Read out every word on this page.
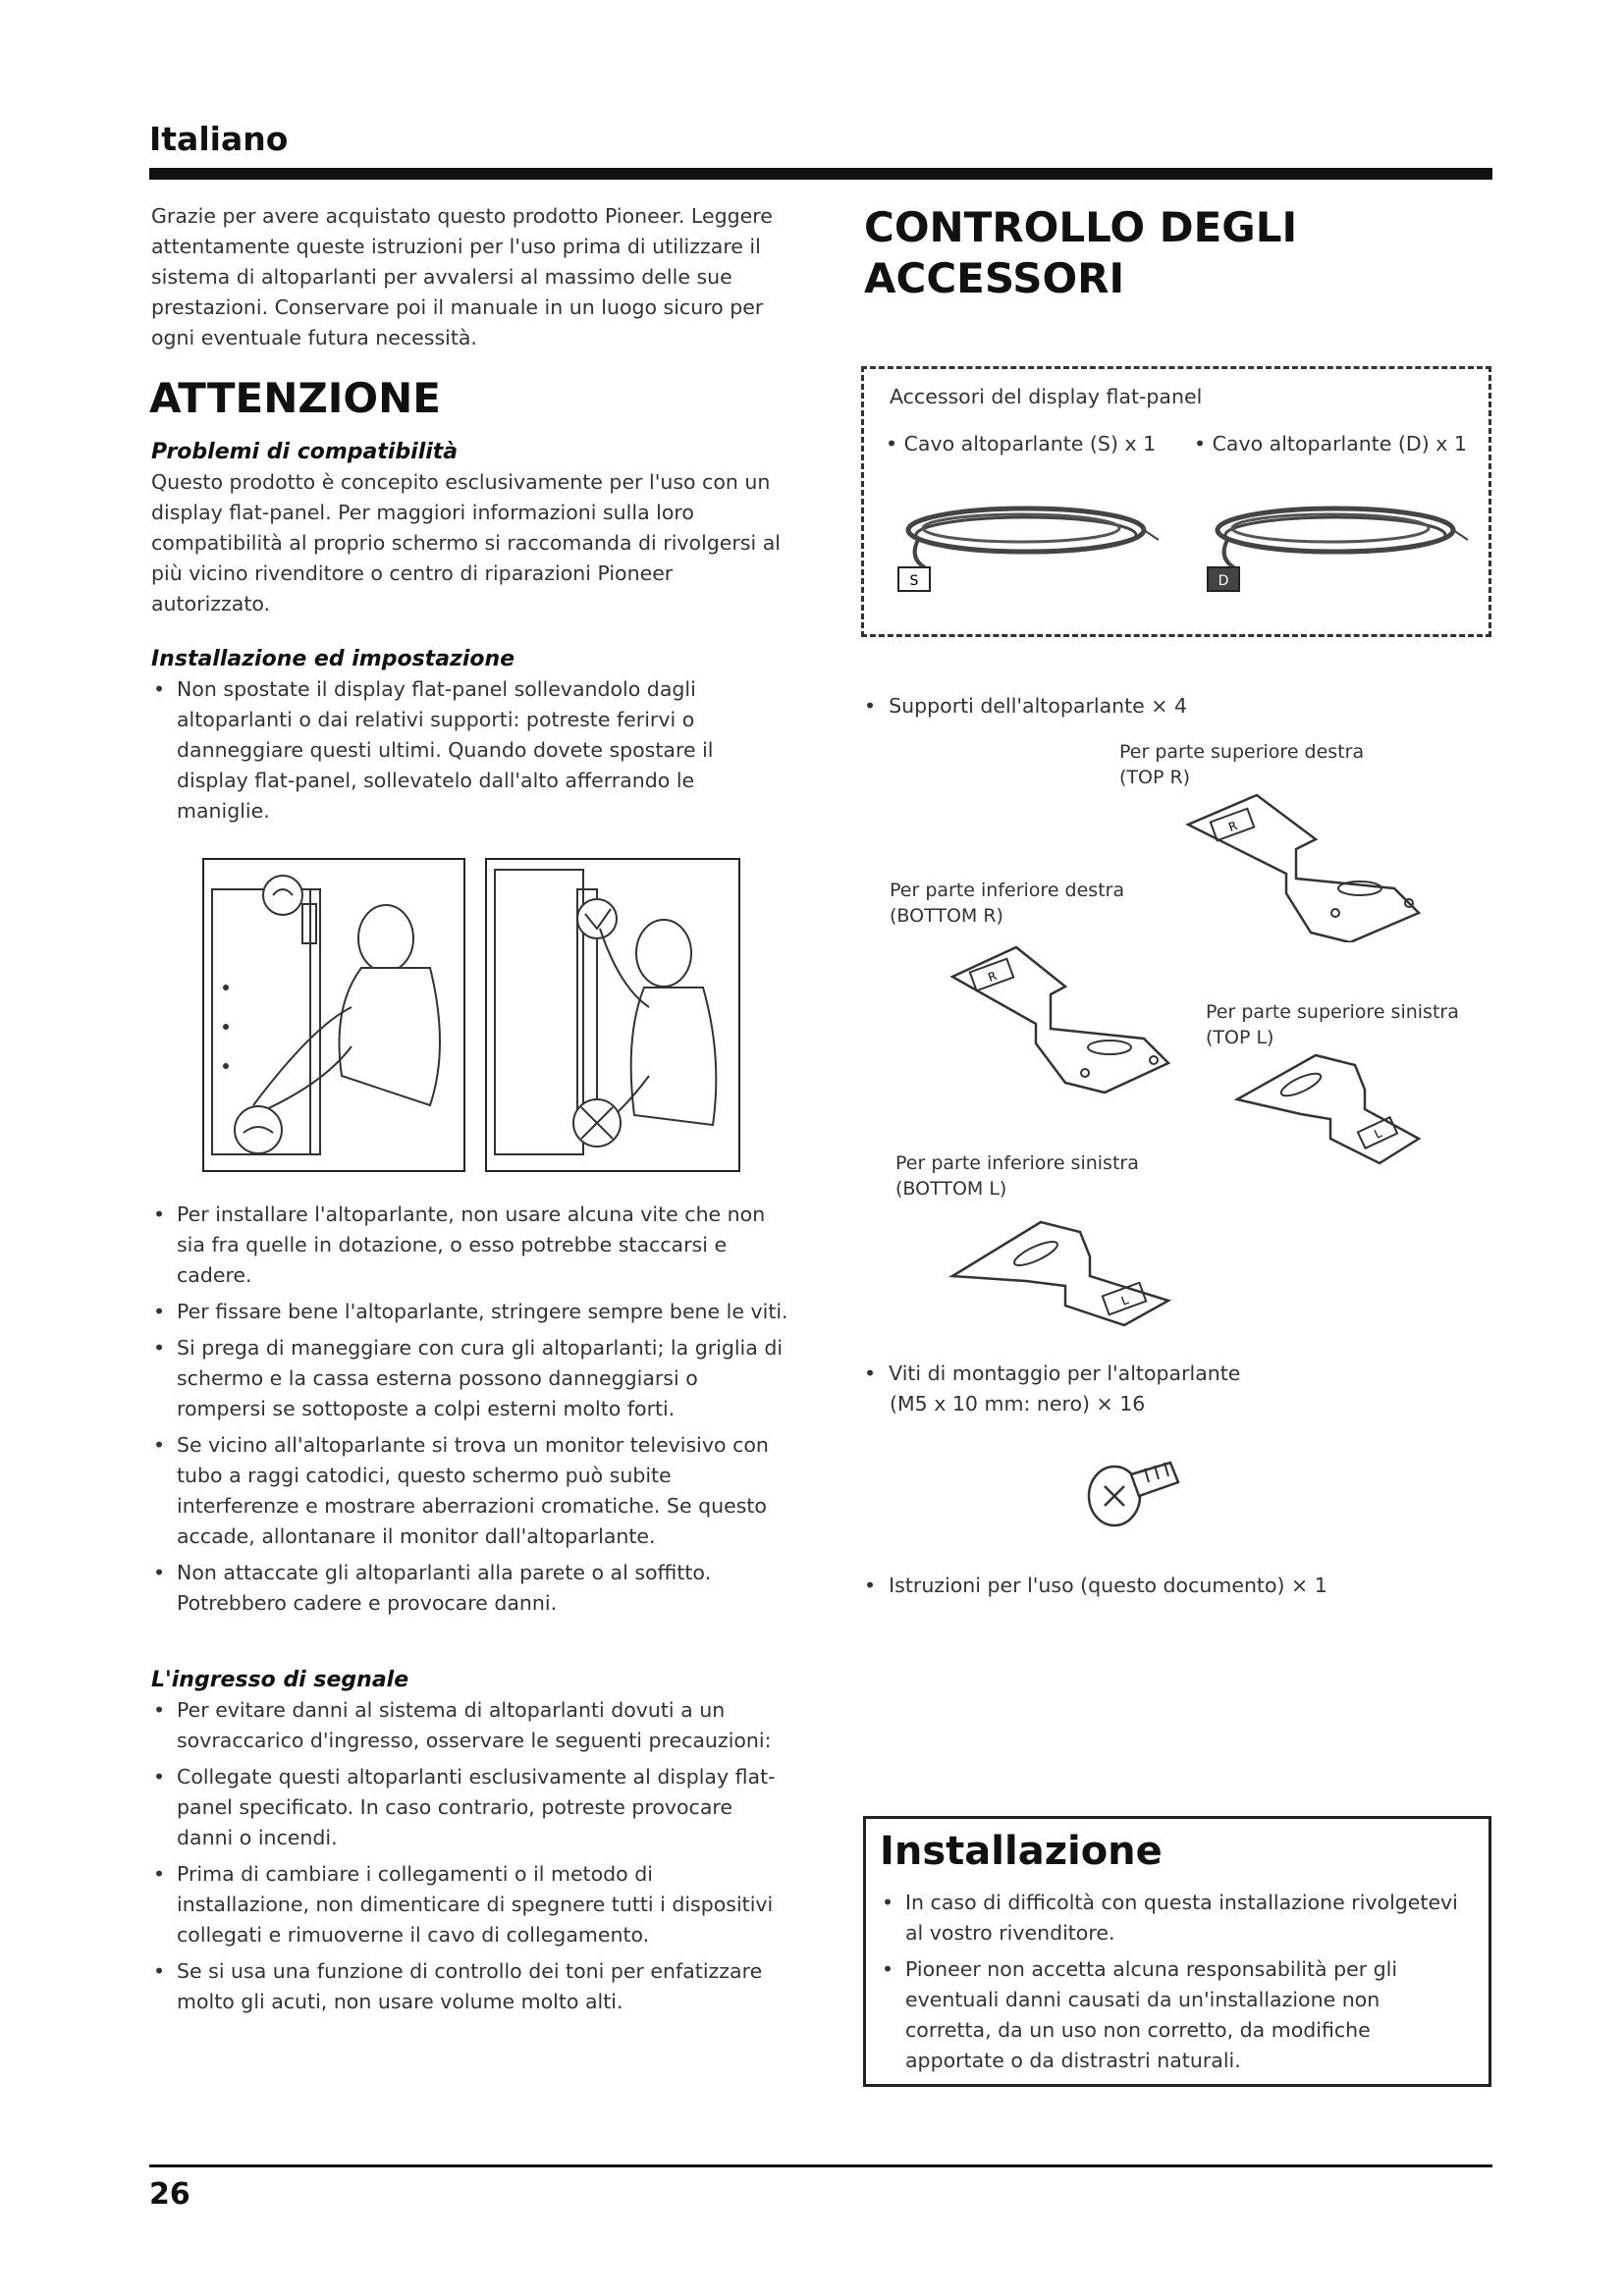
Italiano
Grazie per avere acquistato questo prodotto Pioneer. Leggere attentamente queste istruzioni per l'uso prima di utilizzare il sistema di altoparlanti per avvalersi al massimo delle sue prestazioni. Conservare poi il manuale in un luogo sicuro per ogni eventuale futura necessità.
ATTENZIONE
Problemi di compatibilità
Questo prodotto è concepito esclusivamente per l'uso con un display flat-panel. Per maggiori informazioni sulla loro compatibilità al proprio schermo si raccomanda di rivolgersi al più vicino rivenditore o centro di riparazioni Pioneer autorizzato.
Installazione ed impostazione
• Non spostate il display flat-panel sollevandolo dagli altoparlanti o dai relativi supporti: potreste ferirvi o danneggiare questi ultimi. Quando dovete spostare il display flat-panel, sollevatelo dall'alto afferrando le maniglie.
• Per installare l'altoparlante, non usare alcuna vite che non sia fra quelle in dotazione, o esso potrebbe staccarsi e cadere.
• Per fissare bene l'altoparlante, stringere sempre bene le viti.
• Si prega di maneggiare con cura gli altoparlanti; la griglia di schermo e la cassa esterna possono danneggiarsi o rompersi se sottoposte a colpi esterni molto forti.
• Se vicino all'altoparlante si trova un monitor televisivo con tubo a raggi catodici, questo schermo può subite interferenze e mostrare aberrazioni cromatiche. Se questo accade, allontanare il monitor dall'altoparlante.
• Non attaccate gli altoparlanti alla parete o al soffitto. Potrebbero cadere e provocare danni.
L'ingresso di segnale
• Per evitare danni al sistema di altoparlanti dovuti a un sovraccarico d'ingresso, osservare le seguenti precauzioni:
• Collegate questi altoparlanti esclusivamente al display flat-panel specificato. In caso contrario, potreste provocare danni o incendi.
• Prima di cambiare i collegamenti o il metodo di installazione, non dimenticare di spegnere tutti i dispositivi collegati e rimuoverne il cavo di collegamento.
• Se si usa una funzione di controllo dei toni per enfatizzare molto gli acuti, non usare volume molto alti.
CONTROLLO DEGLI
ACCESSORI
Accessori del display flat-panel
• Cavo altoparlante (S) x 1 • Cavo altoparlante (D) x 1
S	D
•  Supporti dell'altoparlante × 4
Per parte superiore destra
(TOP R)
R
Per parte inferiore destra
(BOTTOM R)
R
Per parte superiore sinistra
(TOP L)
L
Per parte inferiore sinistra
(BOTTOM L)
L
•  Viti di montaggio per l'altoparlante
(M5 x 10 mm: nero) × 16
•  Istruzioni per l'uso (questo documento) × 1
Installazione
• In caso di difficoltà con questa installazione rivolgetevi al vostro rivenditore.
• Pioneer non accetta alcuna responsabilità per gli eventuali danni causati da un'installazione non corretta, da un uso non corretto, da modifiche apportate o da distrastri naturali.
26
